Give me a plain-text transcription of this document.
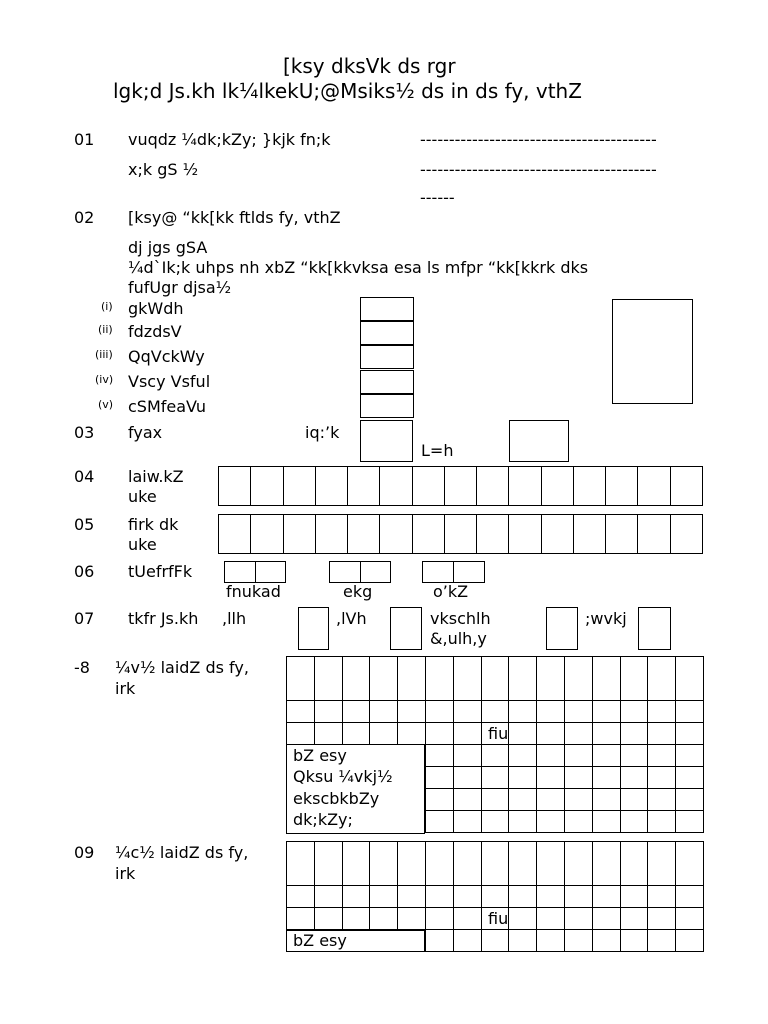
[ksy dksVk ds rgr
lgk;d Js.kh lk¼lkekU;@Msiks½ ds in ds fy, vthZ
01 vuqdz ¼dk;kZy; }kjk fn;k
x;k gS ½
-----------------------------------------
-----------------------------------------
------
02 [ksy@ “kk[kk ftlds fy, vthZ
dj jgs gSA
¼d`Ik;k uhps nh xbZ “kk[kkvksa esa ls mfpr “kk[kkrk dks
fufUgr djsa½
(i) gkWdh
(ii) fdzdsV
(iii) QqVckWy
(iv) Vscy Vsful
(v) cSMfeaVu
03 fyax	iq:’k
L=h
04 laiw.kZ
uke

05 firk dk
uke

06 tUefrfFk

fnukad	ekg	o’kZ
07 tkfr Js.kh ,llh	,lVh	vkschlh
&,ulh,y
;wvkj
-8 ¼v½ laidZ ds fy,
irk
fiu
bZ esy
Qksu ¼vkj½
ekscbkbZy
dk;kZy;
09 ¼c½ laidZ ds fy,
irk
fiu
bZ esy
